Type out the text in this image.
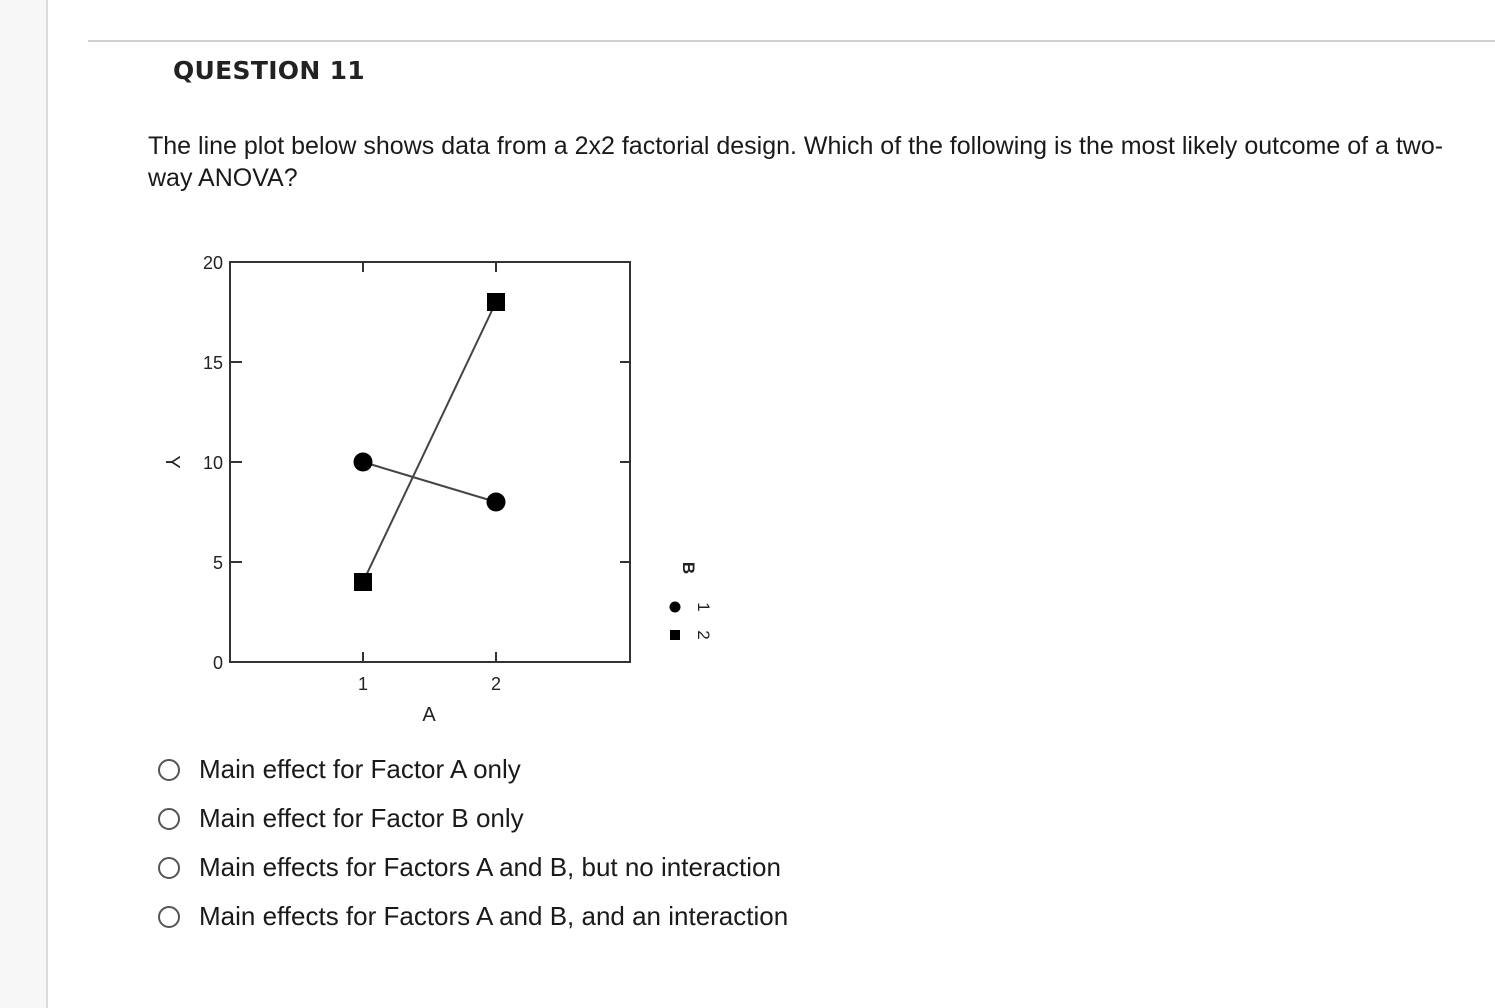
QUESTION 11
The line plot below shows data from a 2x2 factorial design. Which of the following is the most likely outcome of a two-way ANOVA?
0
5
10
15
20
1	2
A
Y
B
1
2
Main effect for Factor A only
Main effect for Factor B only
Main effects for Factors A and B, but no interaction
Main effects for Factors A and B, and an interaction
